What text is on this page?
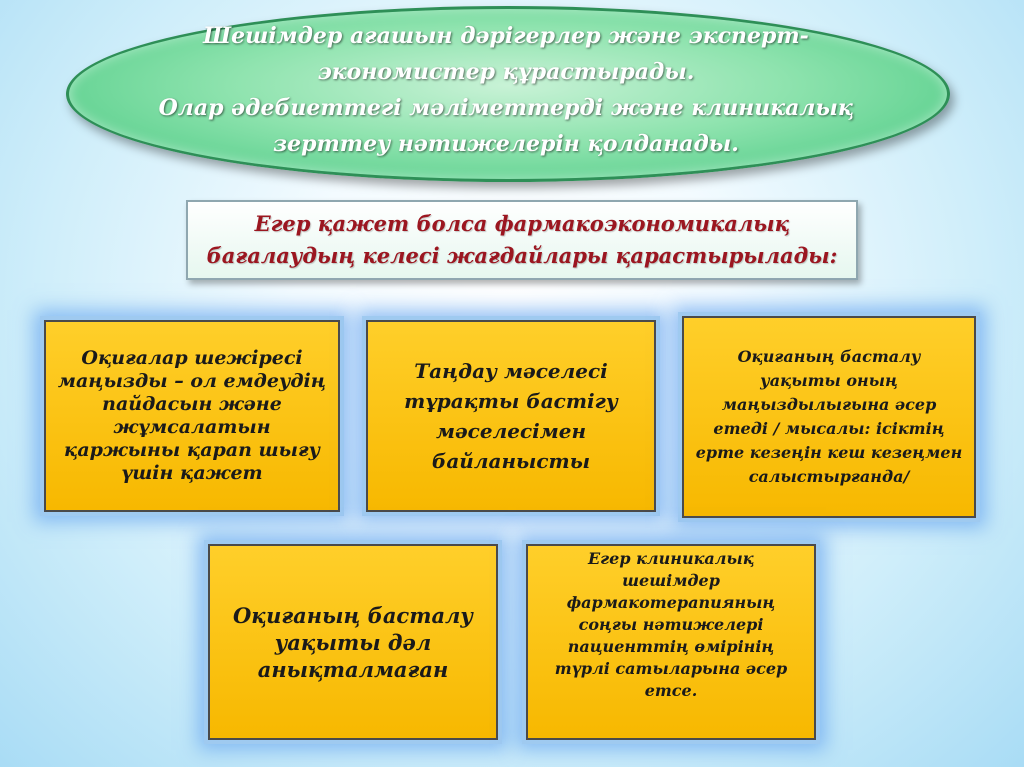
Шешімдер ағашын дәрігерлер және эксперт-
экономистер құрастырады.
Олар әдебиеттегі мәліметтерді және клиникалық
зерттеу нәтижелерін қолданады.
Егер қажет болса фармакоэкономикалық
бағалаудың келесі жағдайлары қарастырылады:
Оқиғалар шежіресі
маңызды – ол емдеудің
пайдасын және
жұмсалатын
қаржыны қарап шығу
үшін қажет
Таңдау мәселесі
тұрақты бастігу
мәселесімен
байланысты
Оқиғаның басталу
уақыты оның
маңыздылығына әсер
етеді / мысалы: ісіктің
ерте кезеңін кеш кезеңмен
салыстырғанда/
Оқиғаның басталу
уақыты дәл
анықталмаған
Егер клиникалық
шешімдер
фармакотерапияның
соңғы нәтижелері
пациенттің өмірінің
түрлі сатыларына әсер
етсе.
